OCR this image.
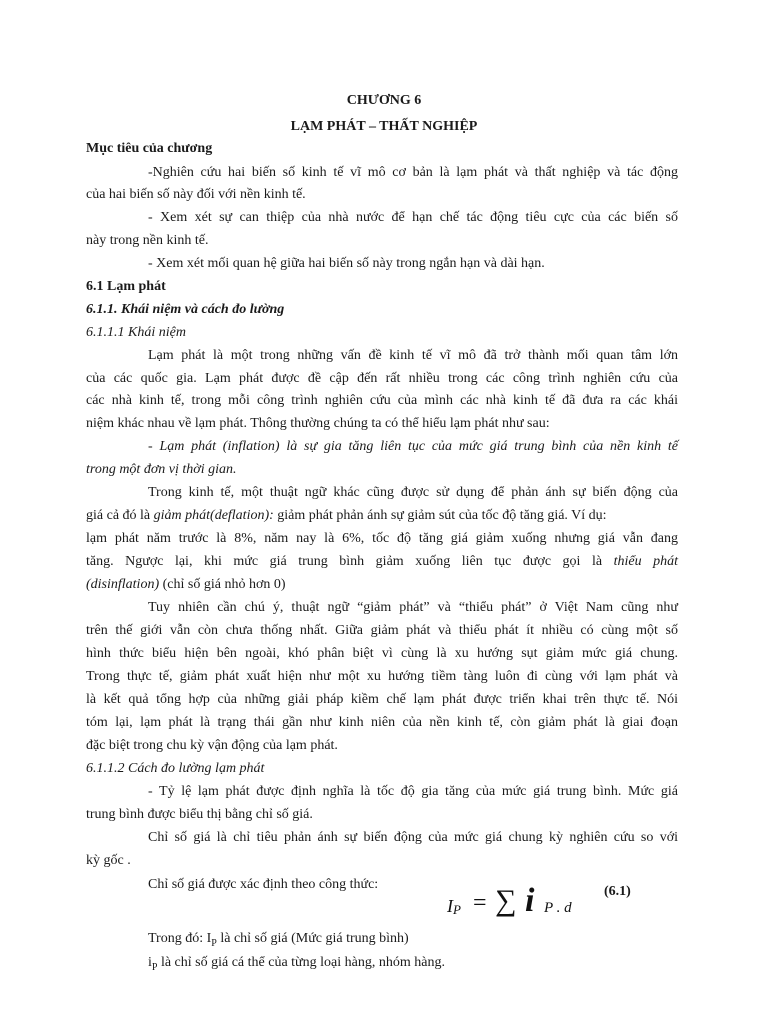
CHƯƠNG 6
LẠM PHÁT – THẤT NGHIỆP
Mục tiêu của chương
-Nghiên cứu hai biến số kinh tế vĩ mô cơ bản là lạm phát và thất nghiệp và tác động
của hai biến số này đối với nền kinh tế.
- Xem xét sự can thiệp của nhà nước để hạn chế tác động tiêu cực của các biến số
này trong nền kinh tế.
- Xem xét mối quan hệ giữa hai biến số này trong ngắn hạn và dài hạn.
6.1 Lạm phát
6.1.1. Khái niệm và cách đo lường
6.1.1.1 Khái niệm
Lạm phát là một trong những vấn đề kinh tế vĩ mô đã trở thành mối quan tâm lớn
của các quốc gia. Lạm phát được đề cập đến rất nhiều trong các công trình nghiên cứu của
các nhà kinh tế, trong mỗi công trình nghiên cứu của mình các nhà kinh tế đã đưa ra các khái
niệm khác nhau về lạm phát. Thông thường chúng ta có thể hiểu lạm phát như sau:
- Lạm phát (inflation) là sự gia tăng liên tục của mức giá trung bình của nền kinh tế
trong một đơn vị thời gian.
Trong kinh tế, một thuật ngữ khác cũng được sử dụng để phản ánh sự biến động của
giá cả đó là giảm phát(deflation): giảm phát phản ánh sự giảm sút của tốc độ tăng giá. Ví dụ:
lạm phát năm trước là 8%, năm nay là 6%, tốc độ tăng giá giảm xuống nhưng giá vẫn đang
tăng. Ngược lại, khi mức giá trung bình giảm xuống liên tục được gọi là thiểu phát
(disinflation) (chỉ số giá nhỏ hơn 0)
Tuy nhiên cần chú ý, thuật ngữ “giảm phát” và “thiểu phát” ở Việt Nam cũng như
trên thế giới vẫn còn chưa thống nhất. Giữa giảm phát và thiểu phát ít nhiều có cùng một số
hình thức biểu hiện bên ngoài, khó phân biệt vì cùng là xu hướng sụt giảm mức giá chung.
Trong thực tế, giảm phát xuất hiện như một xu hướng tiềm tàng luôn đi cùng với lạm phát và
là kết quả tổng hợp của những giải pháp kiềm chế lạm phát được triển khai trên thực tế. Nói
tóm lại, lạm phát là trạng thái gần như kinh niên của nền kinh tế, còn giảm phát là giai đoạn
đặc biệt trong chu kỳ vận động của lạm phát.
6.1.1.2 Cách đo lường lạm phát
- Tỷ lệ lạm phát được định nghĩa là tốc độ gia tăng của mức giá trung bình. Mức giá
trung bình được biểu thị bằng chỉ số giá.
Chỉ số giá là chỉ tiêu phản ánh sự biến động của mức giá chung kỳ nghiên cứu so với
kỳ gốc .
Chỉ số giá được xác định theo công thức:
$I_P$ = ∑ i P . d
(6.1)
Trong đó: $I_P$ là chỉ số giá (Mức giá trung bình)
$i_P$ là chỉ số giá cá thể của từng loại hàng, nhóm hàng.
